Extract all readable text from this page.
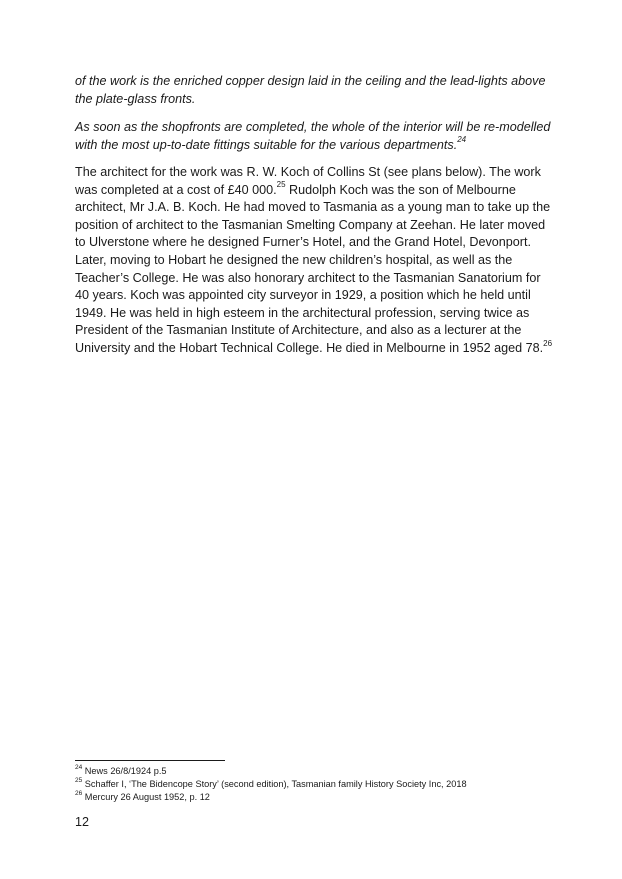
of the work is the enriched copper design laid in the ceiling and the lead-lights above the plate-glass fronts.

As soon as the shopfronts are completed, the whole of the interior will be re-modelled with the most up-to-date fittings suitable for the various departments.$^{24}$

The architect for the work was R. W. Koch of Collins St (see plans below). The work was completed at a cost of £40 000.25 Rudolph Koch was the son of Melbourne architect, Mr J.A. B. Koch. He had moved to Tasmania as a young man to take up the position of architect to the Tasmanian Smelting Company at Zeehan. He later moved to Ulverstone where he designed Furner’s Hotel, and the Grand Hotel, Devonport. Later, moving to Hobart he designed the new children’s hospital, as well as the Teacher’s College. He was also honorary architect to the Tasmanian Sanatorium for 40 years. Koch was appointed city surveyor in 1929, a position which he held until 1949. He was held in high esteem in the architectural profession, serving twice as President of the Tasmanian Institute of Architecture, and also as a lecturer at the University and the Hobart Technical College. He died in Melbourne in 1952 aged 78.26

$^{24}$ News 26/8/1924 p.5

$^{25}$ Schaffer I, ‘The Bidencope Story’ (second edition), Tasmanian family History Society Inc, 2018

$^{26}$ Mercury 26 August 1952, p. 12

12
